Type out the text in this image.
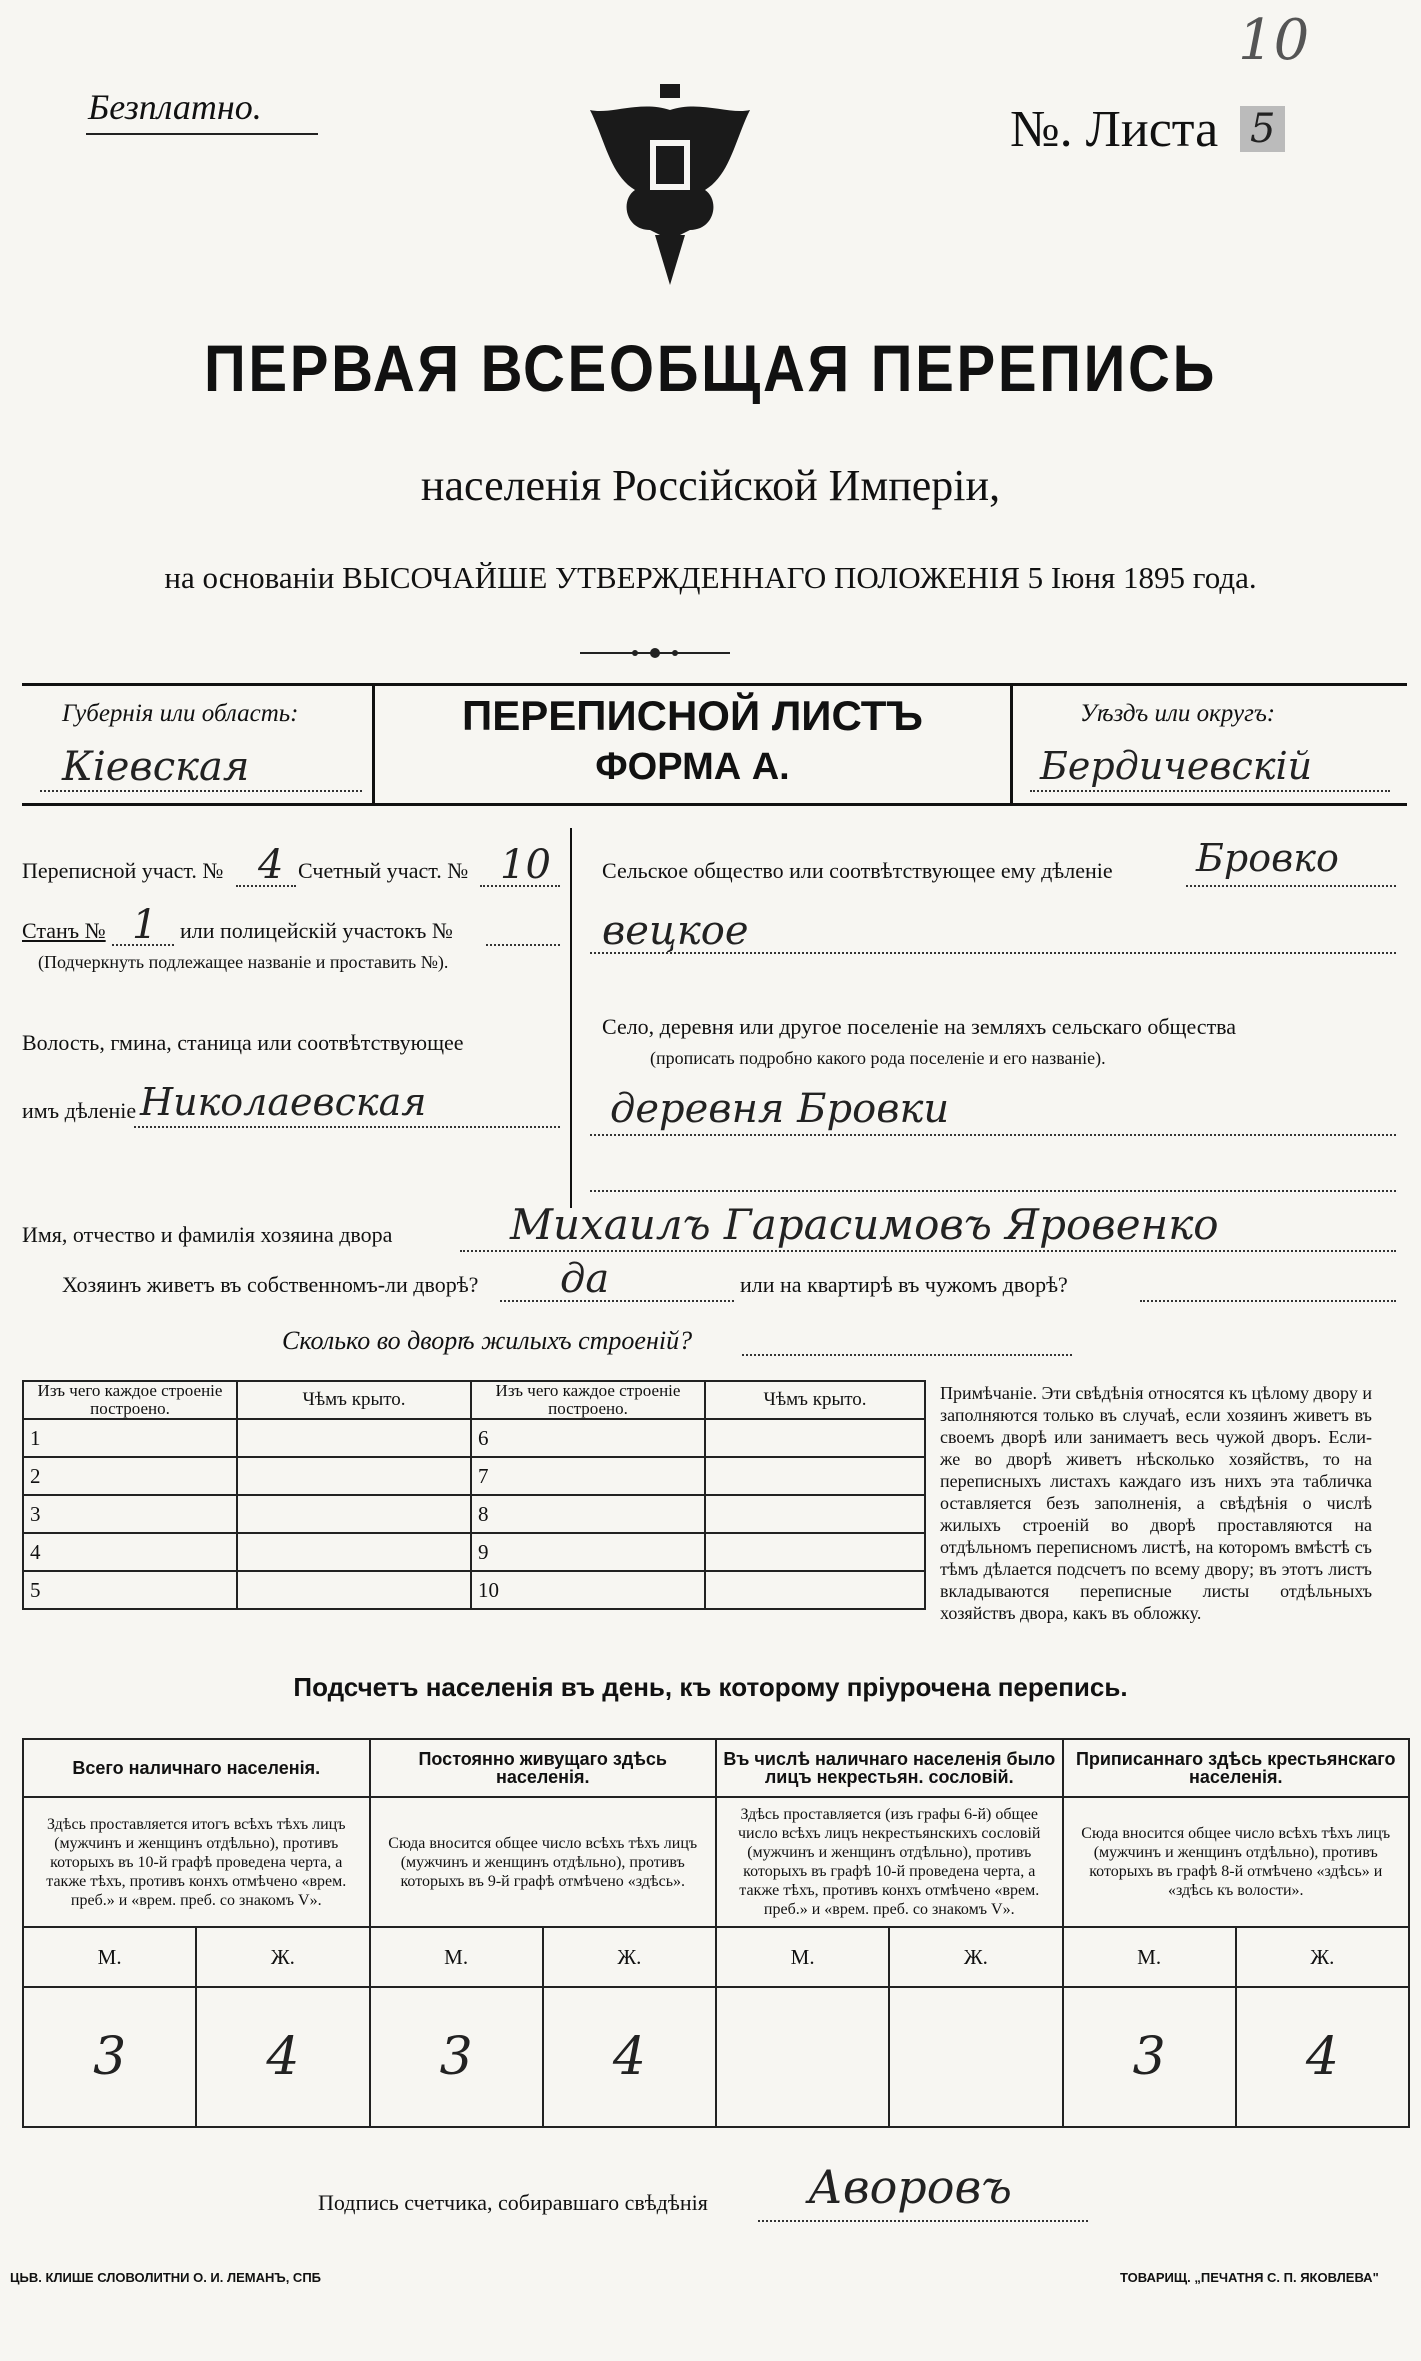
Безплатно.	№. Листа 5
10
ПЕРВАЯ ВСЕОБЩАЯ ПЕРЕПИСЬ
населенія Россійской Имперіи,
на основаніи ВЫСОЧАЙШЕ УТВЕРЖДЕННАГО ПОЛОЖЕНІЯ 5 Іюня 1895 года.
Губернія или область:
Кіевская
ПЕРЕПИСНОЙ ЛИСТЪ
ФОРМА А.
Уѣздъ или округъ:
Бердичевскій
Переписной участ. № 4 Счетный участ. № 10
Станъ № 1 или полицейскій участокъ №
(Подчеркнуть подлежащее названіе и проставить №).
Сельское общество или соотвѣтствующее ему дѣленіе Бровко
вецкое
Волость, гмина, станица или соотвѣтствующее
имъ дѣленіе Николаевская
Село, деревня или другое поселеніе на земляхъ сельскаго общества
(прописать подробно какого рода поселеніе и его названіе).
деревня Бровки
Имя, отчество и фамилія хозяина двора	Михаилъ Гарасимовъ Яровенко
Хозяинъ живетъ въ собственномъ-ли дворѣ? да	или на квартирѣ въ чужомъ дворѣ?
Сколько во дворѣ жилыхъ строеній?
Изъ чего каждое строеніе построено.	Чѣмъ крыто.	Изъ чего каждое строеніе построено.	Чѣмъ крыто.
1		6	
2		7	
3		8	
4		9	
5		10	
Примѣчаніе. Эти свѣдѣнія относятся къ цѣлому двору и заполняются только въ случаѣ, если хозяинъ живетъ въ своемъ дворѣ или занимаетъ весь чужой дворъ. Если-же во дворѣ живетъ нѣсколько хозяйствъ, то на переписныхъ листахъ каждаго изъ нихъ эта табличка оставляется безъ заполненія, а свѣдѣнія о числѣ жилыхъ строеній во дворѣ проставляются на отдѣльномъ переписномъ листѣ, на которомъ вмѣстѣ съ тѣмъ дѣлается подсчетъ по всему двору; въ этотъ листъ вкладываются переписные листы отдѣльныхъ хозяйствъ двора, какъ въ обложку.
Подсчетъ населенія въ день, къ которому пріурочена перепись.
Всего наличнаго населенія.		Постоянно живущаго здѣсь населенія.		Въ числѣ наличнаго населенія было лицъ некрестьян. сословій.		Приписаннаго здѣсь крестьянскаго населенія.	
Здѣсь проставляется итогъ всѣхъ тѣхъ лицъ (мужчинъ и женщинъ отдѣльно), противъ которыхъ въ 10-й графѣ проведена черта, а также тѣхъ, противъ конхъ отмѣчено «врем. преб.» и «врем. преб. со знакомъ V».		Сюда вносится общее число всѣхъ тѣхъ лицъ (мужчинъ и женщинъ отдѣльно), противъ которыхъ въ 9-й графѣ отмѣчено «здѣсь».		Здѣсь проставляется (изъ графы 6-й) общее число всѣхъ лицъ некрестьянскихъ сословій (мужчинъ и женщинъ отдѣльно), противъ которыхъ въ графѣ 10-й проведена черта, а также тѣхъ, противъ конхъ отмѣчено «врем. преб.» и «врем. преб. со знакомъ V».		Сюда вносится общее число всѣхъ тѣхъ лицъ (мужчинъ и женщинъ отдѣльно), противъ которыхъ въ графѣ 8-й отмѣчено «здѣсь» и «здѣсь къ волости».	
М.	Ж.	М.	Ж.	М.	Ж.	М.	Ж.
3	4	3	4			3	4
Подпись счетчика, собиравшаго свѣдѣнія Аворовъ
ЦЬВ. КЛИШЕ СЛОВОЛИТНИ О. И. ЛЕМАНЪ, СПБ	ТОВАРИЩ. „ПЕЧАТНЯ С. П. ЯКОВЛЕВА"
